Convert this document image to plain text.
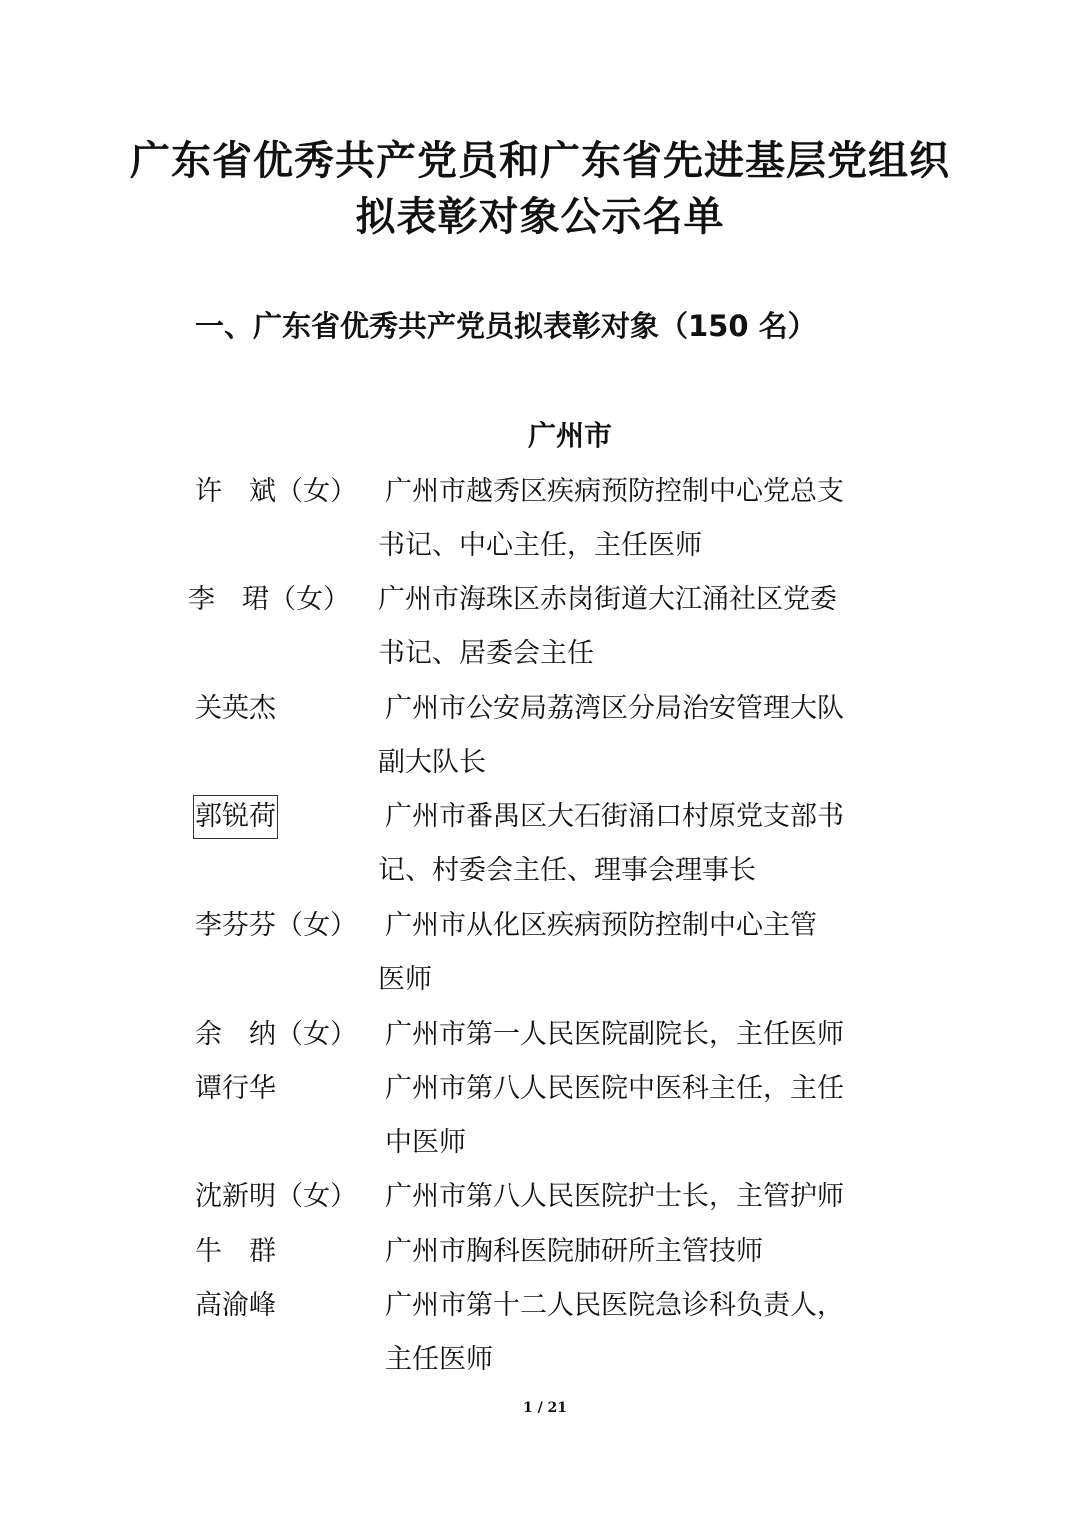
广东省优秀共产党员和广东省先进基层党组织
拟表彰对象公示名单
一、广东省优秀共产党员拟表彰对象（150 名）
广州市
许　斌（女） 广州市越秀区疾病预防控制中心党总支
书记、中心主任，主任医师
李　珺（女） 广州市海珠区赤岗街道大江涌社区党委
书记、居委会主任
关英杰	广州市公安局荔湾区分局治安管理大队
副大队长
郭锐荷	广州市番禺区大石街涌口村原党支部书
记、村委会主任、理事会理事长
李芬芬（女） 广州市从化区疾病预防控制中心主管
医师
余　纳（女） 广州市第一人民医院副院长，主任医师
谭行华	广州市第八人民医院中医科主任，主任
中医师
沈新明（女） 广州市第八人民医院护士长，主管护师
牛　群	广州市胸科医院肺研所主管技师
高渝峰	广州市第十二人民医院急诊科负责人，
主任医师
1 / 21
